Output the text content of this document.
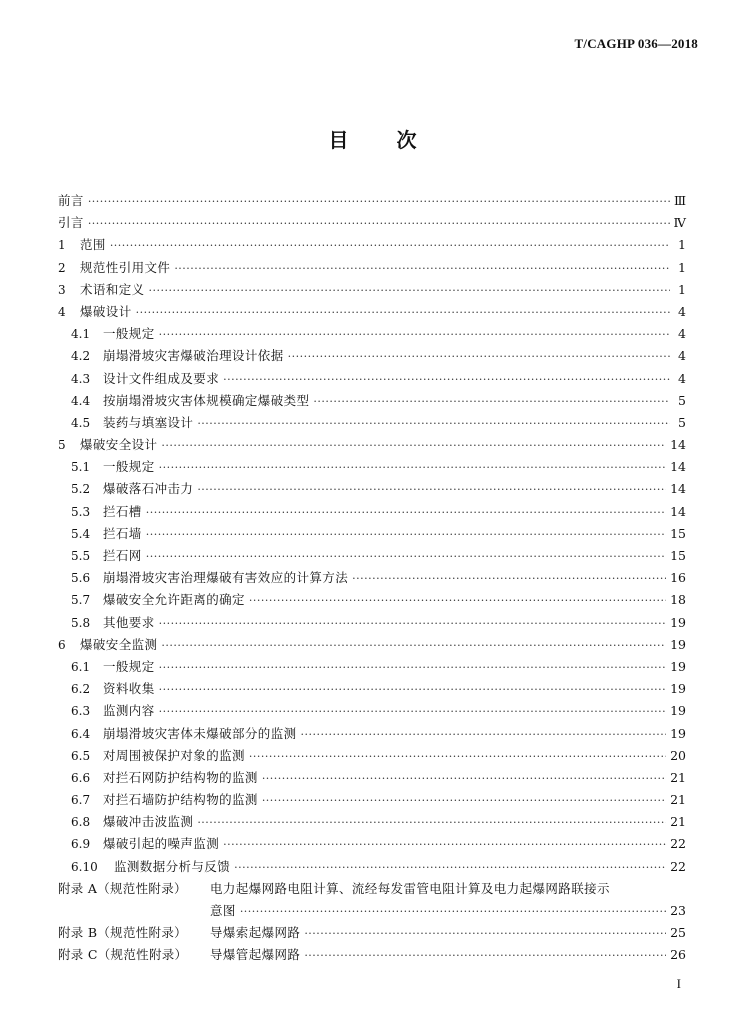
T/CAGHP 036—2018
目 次
前言 ·····	Ⅲ
引言 ·····	Ⅳ
1	范围 ·····	1
2	规范性引用文件 ·····	1
3	术语和定义 ·····	1
4	爆破设计 ·····	4
4.1	一般规定 ·····	4
4.2	崩塌滑坡灾害爆破治理设计依据 ·····	4
4.3	设计文件组成及要求 ·····	4
4.4	按崩塌滑坡灾害体规模确定爆破类型 ·····	5
4.5	装药与填塞设计 ·····	5
5	爆破安全设计 ·····	14
5.1	一般规定 ·····	14
5.2	爆破落石冲击力 ·····	14
5.3	拦石槽 ·····	14
5.4	拦石墙 ·····	15
5.5	拦石网 ·····	15
5.6	崩塌滑坡灾害治理爆破有害效应的计算方法 ·····	16
5.7	爆破安全允许距离的确定 ·····	18
5.8	其他要求 ·····	19
6	爆破安全监测 ·····	19
6.1	一般规定 ·····	19
6.2	资料收集 ·····	19
6.3	监测内容 ·····	19
6.4	崩塌滑坡灾害体未爆破部分的监测 ·····	19
6.5	对周围被保护对象的监测 ·····	20
6.6	对拦石网防护结构物的监测 ·····	21
6.7	对拦石墙防护结构物的监测 ·····	21
6.8	爆破冲击波监测 ·····	21
6.9	爆破引起的噪声监测 ·····	22
6.10	监测数据分析与反馈 ·····	22
附录 A（规范性附录）	电力起爆网路电阻计算、流经每发雷管电阻计算及电力起爆网路联接示
意图 ·····	23
附录 B（规范性附录）	导爆索起爆网路 ·····	25
附录 C（规范性附录）	导爆管起爆网路 ·····	26
I
